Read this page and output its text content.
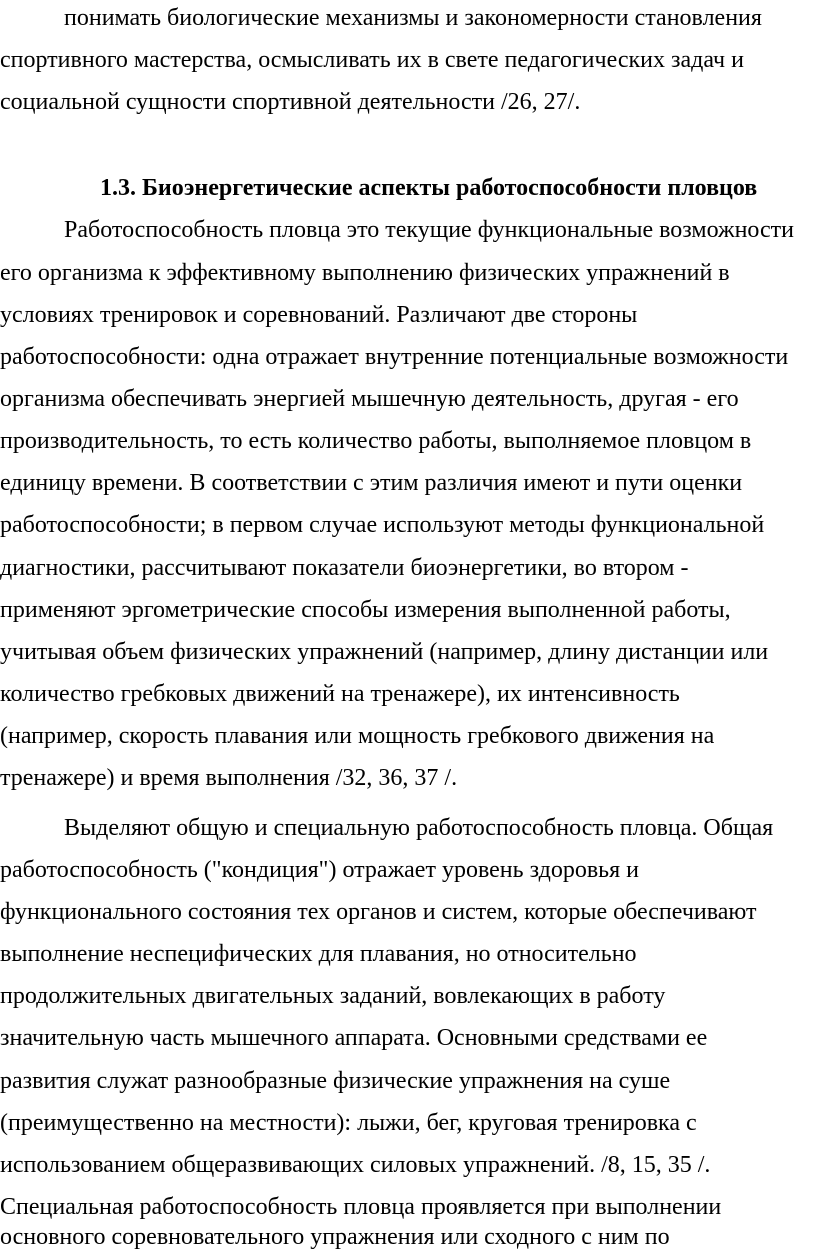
понимать биологические механизмы и закономерности становления
спортивного мастерства, осмысливать их в свете педагогических задач и
социальной сущности спортивной деятельности /26, 27/.
1.3. Биоэнергетические аспекты работоспособности пловцов
Работоспособность пловца это текущие функциональные возможности
его организма к эффективному выполнению физических упражнений в
условиях тренировок и соревнований. Различают две стороны
работоспособности: одна отражает внутренние потенциальные возможности
организма обеспечивать энергией мышечную деятельность, другая - его
производительность, то есть количество работы, выполняемое пловцом в
единицу времени. В соответствии с этим различия имеют и пути оценки
работоспособности; в первом случае используют методы функциональной
диагностики, рассчитывают показатели биоэнергетики, во втором -
применяют эргометрические способы измерения выполненной работы,
учитывая объем физических упражнений (например, длину дистанции или
количество гребковых движений на тренажере), их интенсивность
(например, скорость плавания или мощность гребкового движения на
тренажере) и время выполнения /32, 36, 37 /.
Выделяют общую и специальную работоспособность пловца. Общая
работоспособность ("кондиция") отражает уровень здоровья и
функционального состояния тех органов и систем, которые обеспечивают
выполнение неспецифических для плавания, но относительно
продолжительных двигательных заданий, вовлекающих в работу
значительную часть мышечного аппарата. Основными средствами ее
развития служат разнообразные физические упражнения на суше
(преимущественно на местности): лыжи, бег, круговая тренировка с
использованием общеразвивающих силовых упражнений. /8, 15, 35 /.
Специальная работоспособность пловца проявляется при выполнении
основного соревновательного упражнения или сходного с ним по
